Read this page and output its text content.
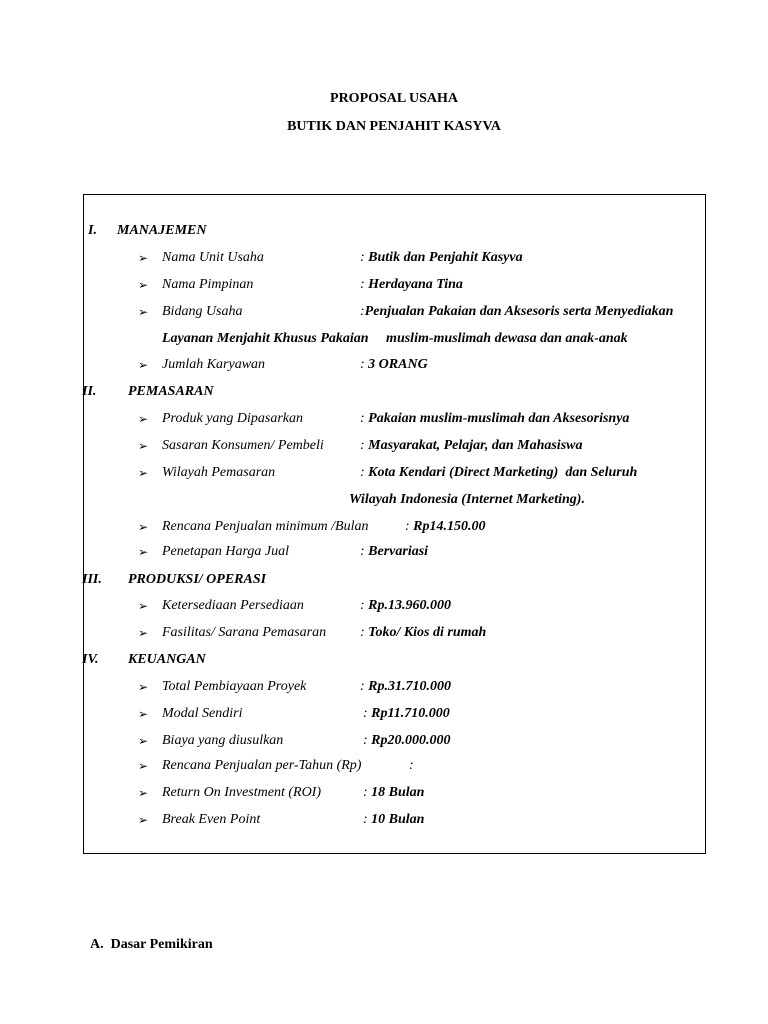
PROPOSAL USAHA
BUTIK DAN PENJAHIT KASYVA
I. MANAJEMEN
➢ Nama Unit Usaha	: Butik dan Penjahit Kasyva
➢ Nama Pimpinan	: Herdayana Tina
➢ Bidang Usaha	:Penjualan Pakaian dan Aksesoris serta Menyediakan
Layanan Menjahit Khusus Pakaian     muslim-muslimah dewasa dan anak-anak
➢ Jumlah Karyawan	: 3 ORANG
II. PEMASARAN
➢ Produk yang Dipasarkan	: Pakaian muslim-muslimah dan Aksesorisnya
➢ Sasaran Konsumen/ Pembeli	: Masyarakat, Pelajar, dan Mahasiswa
➢ Wilayah Pemasaran	: Kota Kendari (Direct Marketing)  dan Seluruh
Wilayah Indonesia (Internet Marketing).
➢ Rencana Penjualan minimum /Bulan	: Rp14.150.00
➢ Penetapan Harga Jual	: Bervariasi
III. PRODUKSI/ OPERASI
➢ Ketersediaan Persediaan	: Rp.13.960.000
➢ Fasilitas/ Sarana Pemasaran : Toko/ Kios di rumah
IV. KEUANGAN
➢ Total Pembiayaan Proyek	: Rp.31.710.000
➢ Modal Sendiri	: Rp11.710.000
➢ Biaya yang diusulkan	: Rp20.000.000
➢ Rencana Penjualan per-Tahun (Rp)	:
➢ Return On Investment (ROI)	: 18 Bulan
➢ Break Even Point	: 10 Bulan
A.  Dasar Pemikiran
